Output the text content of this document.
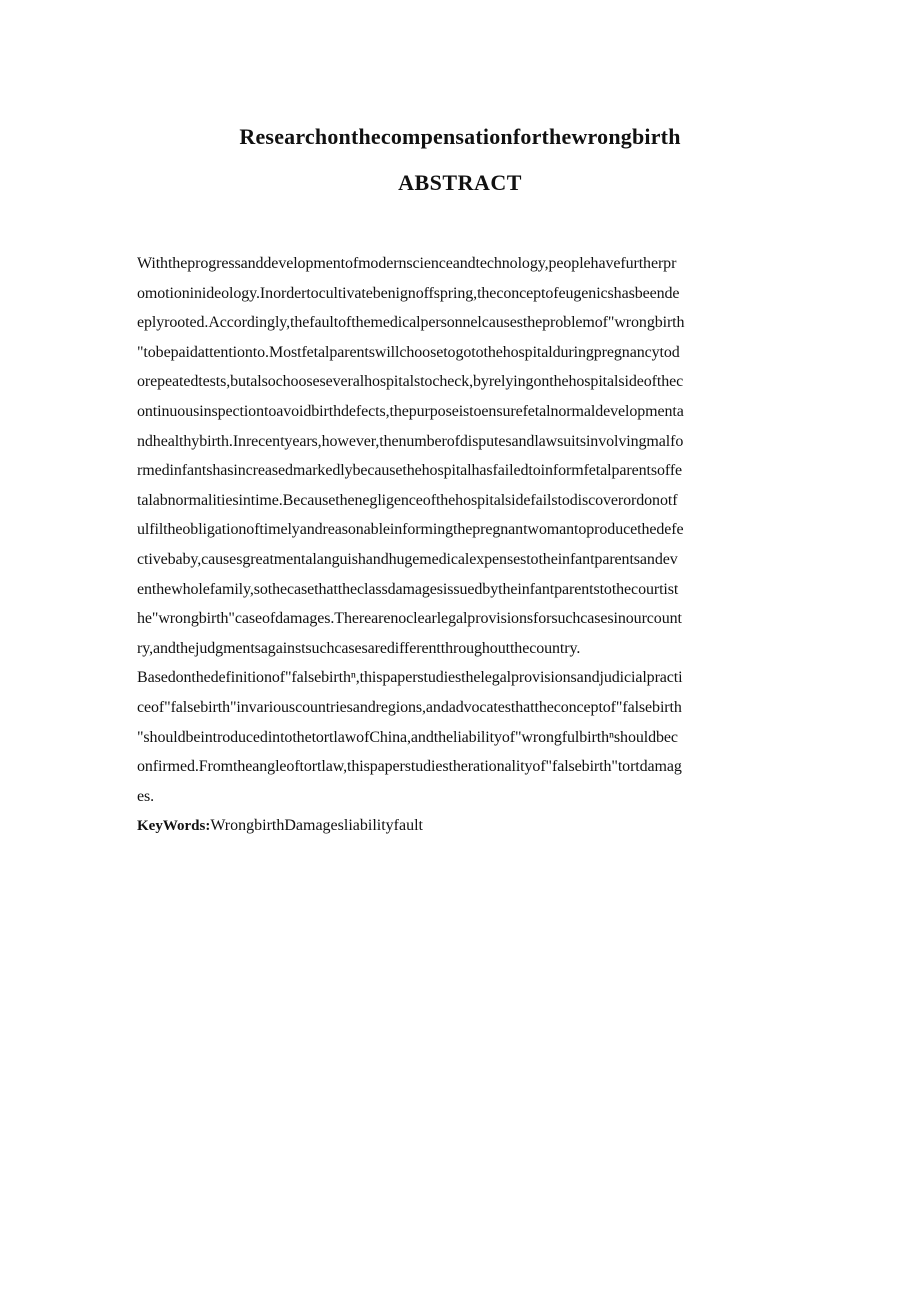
Researchonthecompensationforthewrongbirth
ABSTRACT
Withtheprogressanddevelopmentofmodernscienceandtechnology,peoplehavefurtherpr
omotioninideology.Inordertocultivatebenignoffspring,theconceptofeugenicshasbeende
eplyrooted.Accordingly,thefaultofthemedicalpersonnelcausestheproblemof"wrongbirth
"tobepaidattentionto.Mostfetalparentswillchoosetogotothehospitalduringpregnancytod
orepeatedtests,butalsochooseseveralhospitalstocheck,byrelyingonthehospitalsideofthec
ontinuousinspectiontoavoidbirthdefects,thepurposeistoensurefetalnormaldevelopmenta
ndhealthybirth.Inrecentyears,however,thenumberofdisputesandlawsuitsinvolvingmalfo
rmedinfantshasincreasedmarkedlybecausethehospitalhasfailedtoinformfetalparentsoffe
talabnormalitiesintime.Becausethenegligenceofthehospitalsidefailstodiscoverordonotf
ulfiltheobligationoftimelyandreasonableinformingthepregnantwomantoproducethedefe
ctivebaby,causesgreatmentalanguishandhugemedicalexpensestotheinfantparentsandev
enthewholefamily,sothecasethattheclassdamagesissuedbytheinfantparentstothecourtist
he"wrongbirth"caseofdamages.Therearenoclearlegalprovisionsforsuchcasesinourcount
ry,andthejudgmentsagainstsuchcasesaredifferentthroughoutthecountry.
Basedonthedefinitionof"falsebirthⁿ,thispaperstudiesthelegalprovisionsandjudicialpracti
ceof"falsebirth"invariouscountriesandregions,andadvocatesthattheconceptof"falsebirth
"shouldbeintroducedintothetortlawofChina,andtheliabilityof"wrongfulbirthⁿshouldbec
onfirmed.Fromtheangleoftortlaw,thispaperstudiestherationalityof"falsebirth"tortdamag
es.
KeyWords:WrongbirthDamagesliabilityfault
